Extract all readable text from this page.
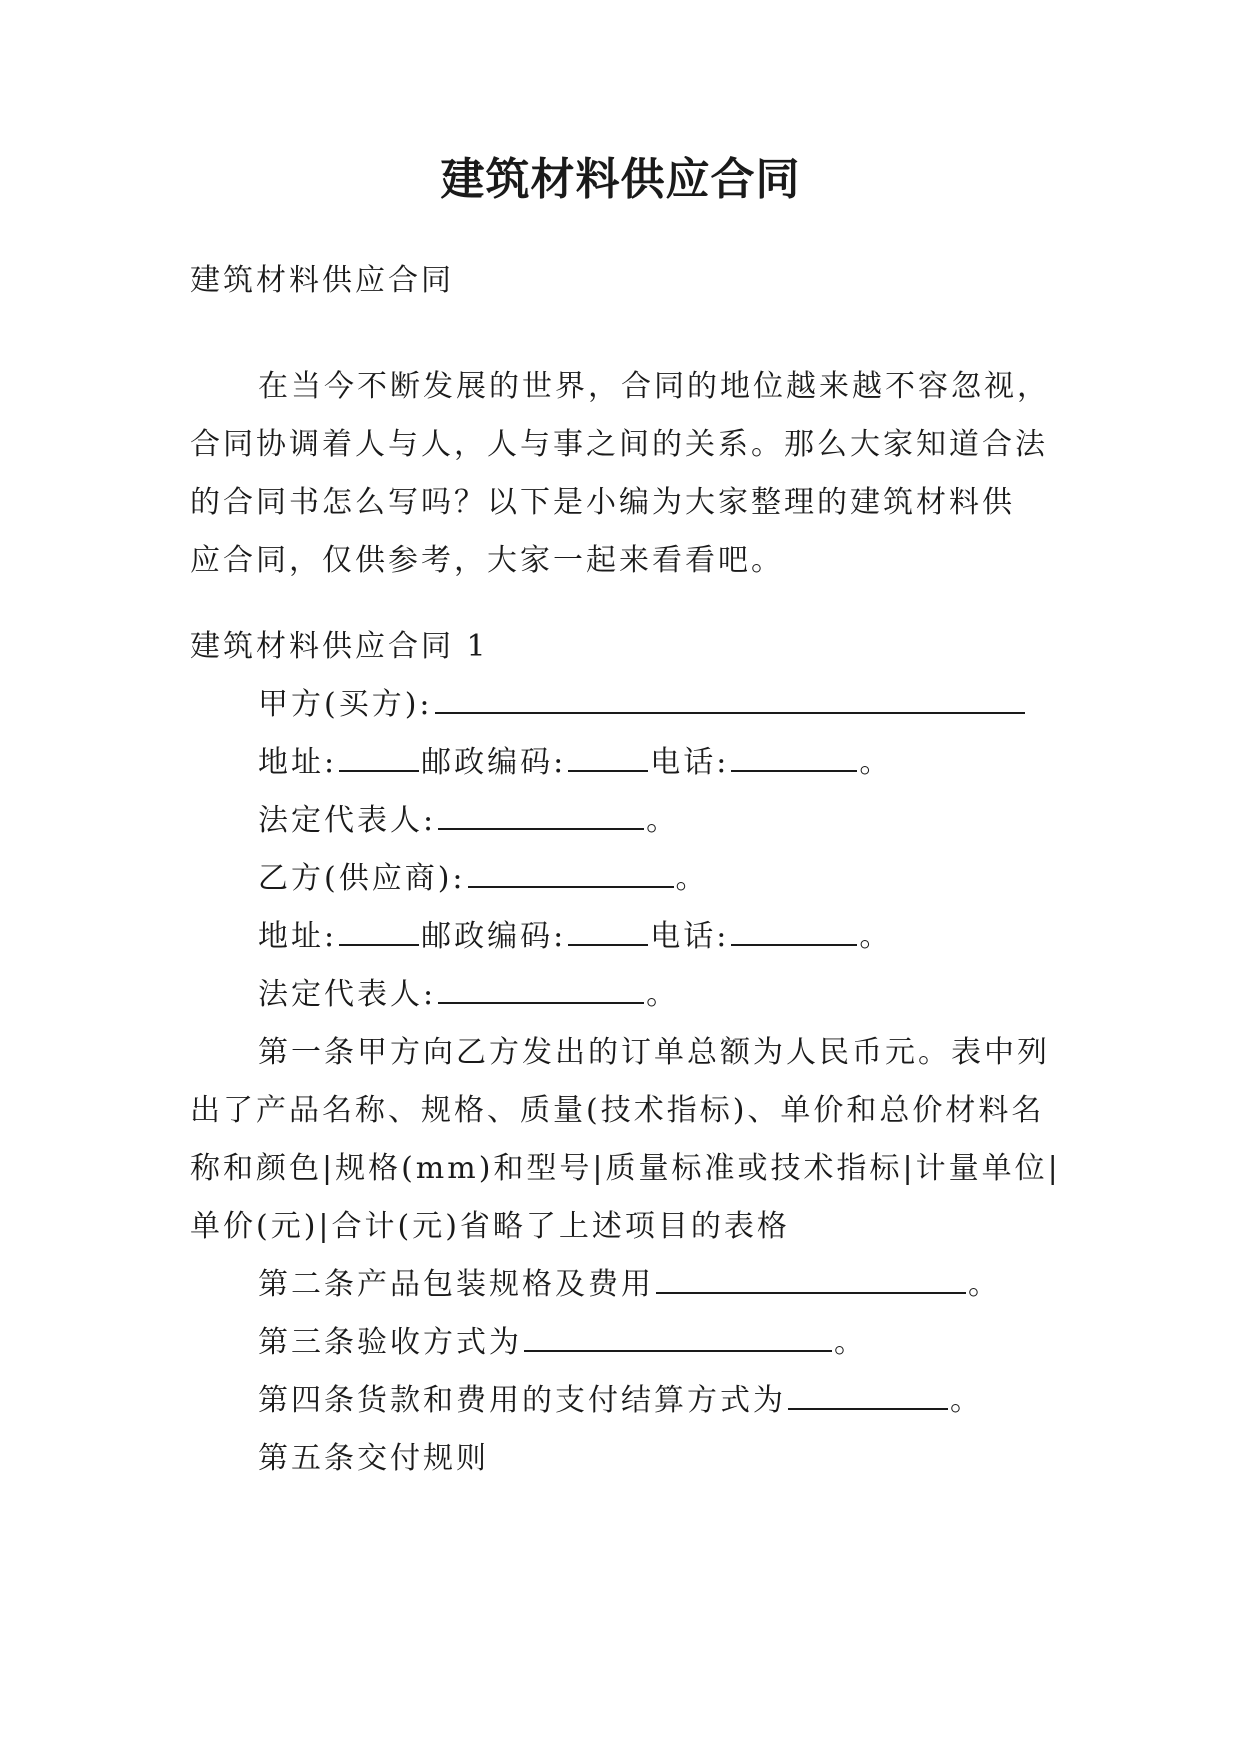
建筑材料供应合同

建筑材料供应合同

在当今不断发展的世界，合同的地位越来越不容忽视，

合同协调着人与人，人与事之间的关系。那么大家知道合法

的合同书怎么写吗？以下是小编为大家整理的建筑材料供

应合同，仅供参考，大家一起来看看吧。

建筑材料供应合同 1

甲方(买方):

地址:	邮政编码:	电话:	。

法定代表人:	。

乙方(供应商):	。

地址:	邮政编码:	电话:	。

法定代表人:	。

第一条甲方向乙方发出的订单总额为人民币元。表中列

出了产品名称、规格、质量(技术指标)、单价和总价材料名

称和颜色|规格(mm)和型号|质量标准或技术指标|计量单位|

单价(元)|合计(元)省略了上述项目的表格

第二条产品包装规格及费用	。

第三条验收方式为	。

第四条货款和费用的支付结算方式为	。

第五条交付规则
